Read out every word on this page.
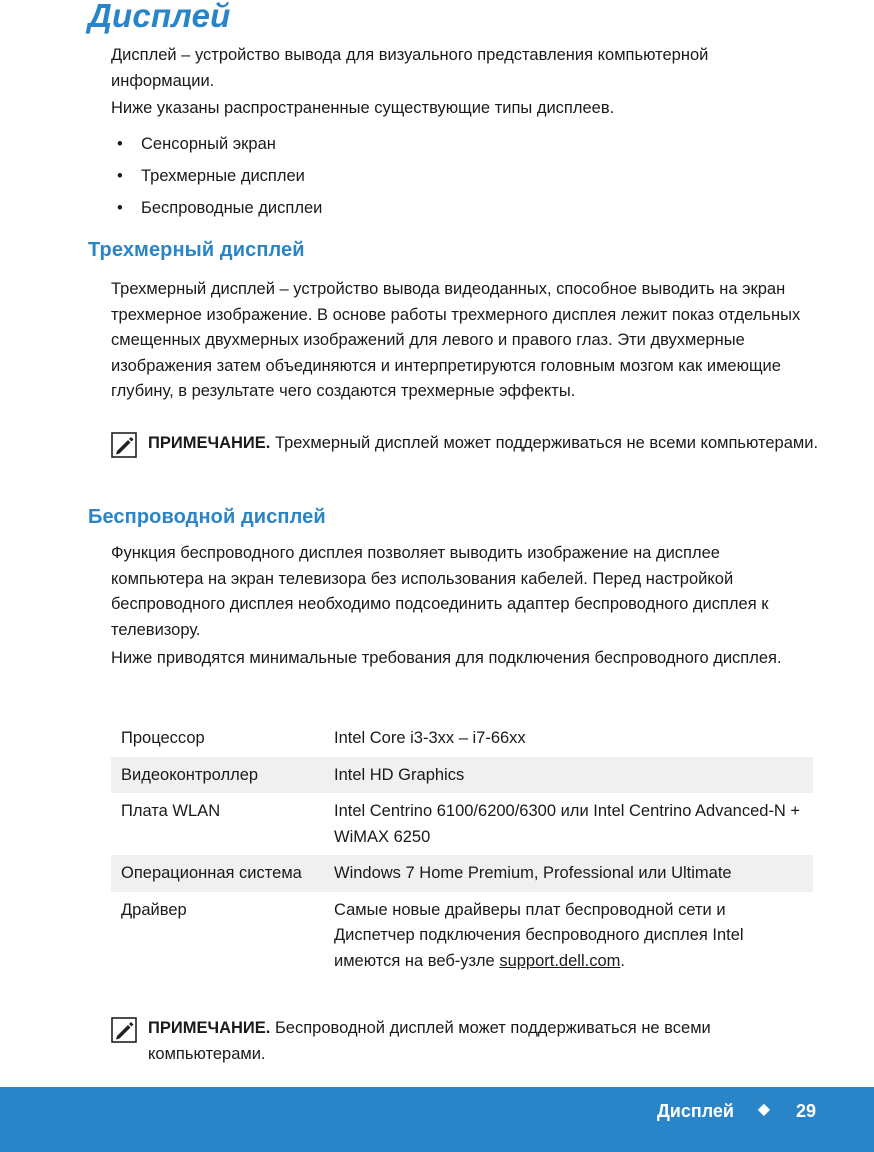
Дисплей

Дисплей – устройство вывода для визуального представления компьютерной информации.

Ниже указаны распространенные существующие типы дисплеев.

•	Сенсорный экран
•	Трехмерные дисплеи
•	Беспроводные дисплеи
Трехмерный дисплей

Трехмерный дисплей – устройство вывода видеоданных, способное выводить на экран трехмерное изображение. В основе работы трехмерного дисплея лежит показ отдельных смещенных двухмерных изображений для левого и правого глаз. Эти двухмерные изображения затем объединяются и интерпретируются головным мозгом как имеющие глубину, в результате чего создаются трехмерные эффекты.

ПРИМЕЧАНИЕ. Трехмерный дисплей может поддерживаться не всеми компьютерами.
Беспроводной дисплей

Функция беспроводного дисплея позволяет выводить изображение на дисплее компьютера на экран телевизора без использования кабелей. Перед настройкой беспроводного дисплея необходимо подсоединить адаптер беспроводного дисплея к телевизору.

Ниже приводятся минимальные требования для подключения беспроводного дисплея.

Процессор	Intel Core i3-3xx – i7-66xx
Видеоконтроллер	Intel HD Graphics
Плата WLAN	Intel Centrino 6100/6200/6300 или Intel Centrino Advanced-N + WiMAX 6250
Операционная система	Windows 7 Home Premium, Professional или Ultimate
Драйвер	Самые новые драйверы плат беспроводной сети и Диспетчер подключения беспроводного дисплея Intel имеются на веб-узле support.dell.com.
ПРИМЕЧАНИЕ. Беспроводной дисплей может поддерживаться не всеми компьютерами.
Дисплей ◆ 29
